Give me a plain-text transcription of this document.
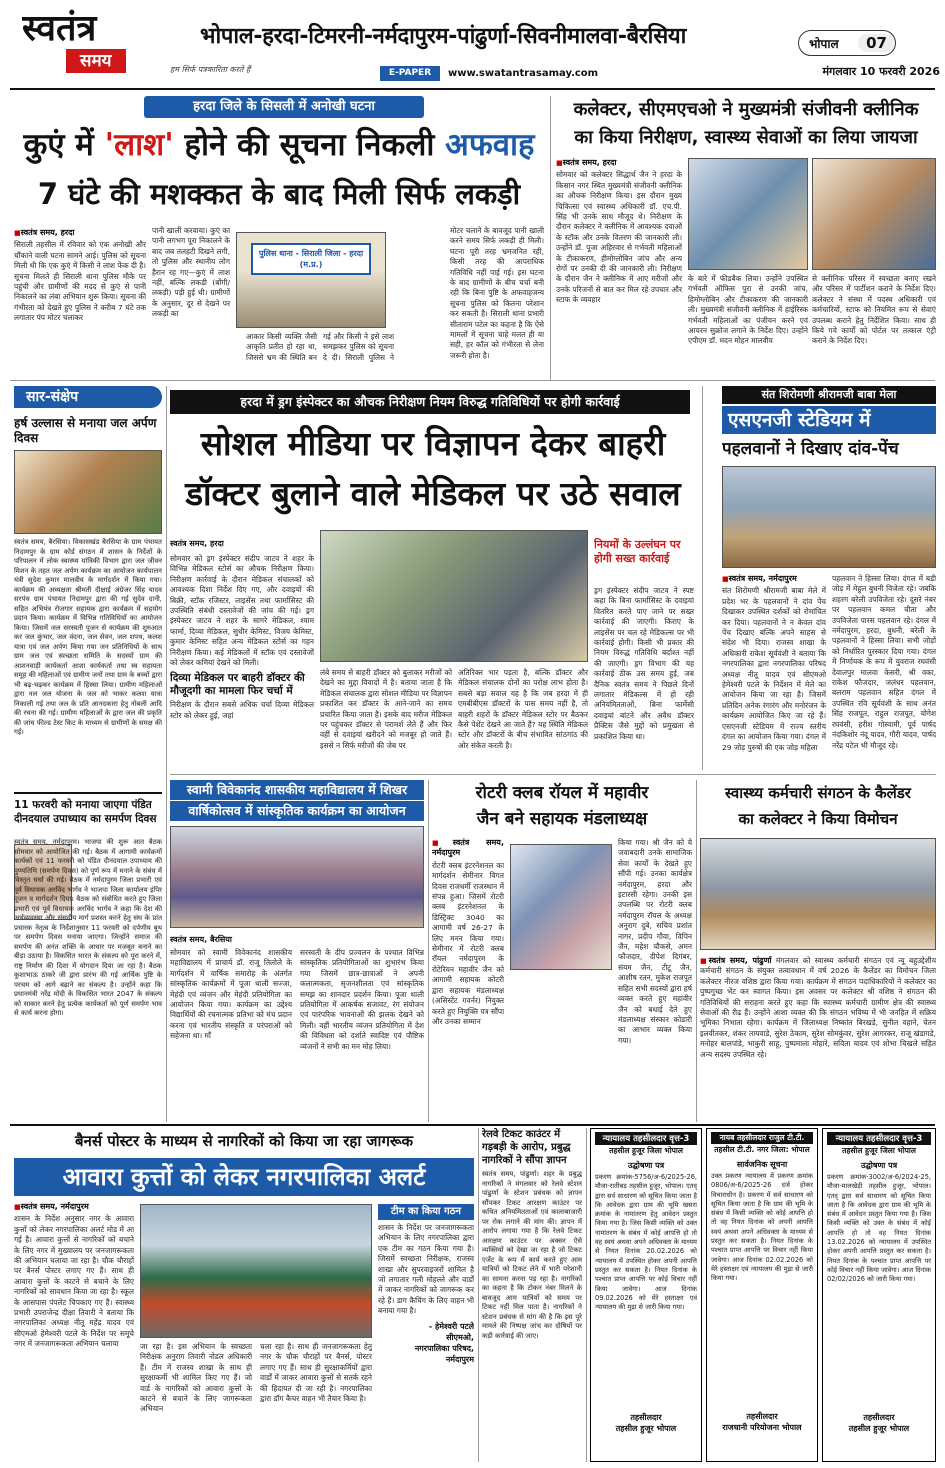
स्वतंत्र
समय	हम सिर्फ पत्रकारिता करते हैं
भोपाल-हरदा-टिमरनी-नर्मदापुरम-पांढुर्णा-सिवनीमालवा-बैरसिया
E-PAPER	www.swatantrasamay.com
भोपाल	07
मंगलवार 10 फरवरी 2026
हरदा जिले के सिसली में अनोखी घटना
कुएं में 'लाश' होने की सूचना निकली अफवाह
7 घंटे की मशक्कत के बाद मिली सिर्फ लकड़ी
■ स्वतंत्र समय, हरदा
सिराली तहसील में रविवार को एक अनोखी और चौंकाने वाली घटना सामने आई। पुलिस को सूचना मिली थी कि एक कुएं में किसी ने लाश फेंक दी है। सूचना मिलते ही सिराली थाना पुलिस मौके पर पहुंची और ग्रामीणों की मदद से कुएं से पानी निकालने का लंबा अभियान शुरू किया। सूचना की गंभीरता को देखते हुए पुलिस ने करीब 7 घंटे तक लगातार पंप मोटर चलाकर
पानी खाली करवाया। कुएं का पानी लगभग पूरा निकालने के बाद जब तलहटी दिखने लगी, तो पुलिस और स्थानीय लोग हैरान रह गए—कुएं में लाश नहीं, बल्कि लकड़ी (बोंगी/लकड़ी) पड़ी हुई थी। ग्रामीणों के अनुसार, दूर से देखने पर लकड़ी का
पुलिस थाना - सिराली जिला - हरदा (म.प्र.)
आकार किसी व्यक्ति जैसी आकृति प्रतीत हो रहा था, जिससे भ्रम की स्थिति बन गई और किसी ने इसे लाश समझकर पुलिस को सूचना दे दी। सिराली पुलिस ने
मोटर चलाने के बावजूद पानी खाली करने समय सिर्फ लकड़ी ही मिली। घटना पूरी तरह भ्रमजनित रही, किसी तरह की आपराधिक गतिविधि नहीं पाई गई। इस घटना के बाद ग्रामीणों के बीच चर्चा बनी रही कि बिना पुष्टि के अफवाहजन्य सूचना पुलिस को कितना परेशान कर सकती है। सिराली थाना प्रभारी सीताराम पटेल का कहना है कि ऐसे मामलों में सूचना चाहे मलत ही या सही, हर कॉल को गंभीरता से लेना जरूरी होता है।
कलेक्टर, सीएमएचओ ने मुख्यमंत्री संजीवनी क्लीनिक
का किया निरीक्षण, स्वास्थ्य सेवाओं का लिया जायजा
■ स्वतंत्र समय, हरदा
सोमवार को कलेक्टर सिद्धार्थ जैन ने हरदा के किसान नगर स्थित मुख्यमंत्री संजीवनी क्लीनिक का औचक निरीक्षण किया। इस दौरान मुख्य चिकित्सा एवं स्वास्थ्य अधिकारी डॉ. एच.पी. सिंह भी उनके साथ मौजूद थे। निरीक्षण के दौरान कलेक्टर ने क्लीनिक में आवश्यक दवाओं के स्टॉक और उनके वितरण की जानकारी ली। उन्होंने डॉ. पूजा अहिरवार से गर्भवती महिलाओं के टीकाकरण, हीमोग्लोबिन जांच और अन्य रोगों पर उनकी दी की जानकारी ली। निरीक्षण के दौरान जैन ने क्लीनिक में आए मरीजों और उनके परिजनों से बात कर मिल रहे उपचार और स्टाफ के व्यवहार
के बारे में फीडबैक लिया। उन्होंने उपस्थित गर्भवती ऑफिस पुरा से उनकी जांच, हिमोग्लोबिन और टीकाकरण की जानकारी ली। मुख्यमंत्री संजीवनी क्लीनिक में हाईरिस्क गर्भवती महिलाओं का पंजीयन करने एवं आयरन सुक्रोज लगाने के निर्देश दिए। उन्होंने एपीएम डॉ. मदन मोहन मालवीय
से क्लीनिक परिसर में स्वच्छता बनाए रखने और परिसर में पार्टीशन कराने के निर्देश दिए। कलेक्टर ने संस्था में पदस्थ अधिकारी एवं कर्मचारियों, स्टाफ को नियमित रूप से सेवाएं उपलब्ध कराने हेतु निर्देशित किया। साथ ही किये गये कार्यों को पोर्टल पर तत्काल एंट्री कराने के निर्देश दिए।
सार-संक्षेप
हर्ष उल्लास से मनाया जल अर्पण दिवस
स्वतंत्र समय, बैरसिया। विकासखंड बैरसिया के ग्राम पंचायत निदामपुर के ग्राम कोर्ड संगठन में शासन के निर्देशों के परिपालन में लोक स्वास्थ्य यांत्रिकी विभाग द्वारा जल जीवन मिशन के तहत जल अर्पण कार्यक्रम का आयोजन कार्यपालन यंत्री सुदेश कुमार मालवीय के मार्गदर्शन में किया गया। कार्यक्रम की अध्यक्षता श्रीमती दीक्षाई अंग्रेजर सिंह यादव सरपंच ग्राम पंचायत निदामपुर द्वारा की गई सुदेव दानी, सहित अभियंत्र रोजगार सहायक द्वारा कार्यक्रम में सहयोग प्रदान किया। कार्यक्रम में विभिन्न गतिविधियों का आयोजन किया। जिसमें जल सरस्वती पूजन से कार्यक्रम की शुरुआत कर जल कुंभार, जल वंदना, जल सेवन, जल शपथ, कलश यात्रा एवं जल अर्पण किया गया जन प्रतिनिधियों के साथ ग्राम जल एवं स्वच्छता समिति के सदस्यों ग्राम की आशनवाड़ी कार्यकर्ता आशा कार्यकर्ता तथा स्व सहायता समूह की महिलाओं एवं ग्रामीण जनों तथा ग्राम के बच्चों द्वारा भी बढ़-चढ़कर कार्यक्रम में हिस्सा लिया। ग्रामीण महिलाओं द्वारा नल जल योजना के जल को भाकर कलश यात्रा निकाली गई तथा जल के प्रति आनदकारा हेतु नोबली आदि की रचना की गई। ग्रामीण महिलाओं के द्वारा जल की प्रकृति की जांच फील्ड टेस्ट किट के माध्यम से ग्रामीणों के समक्ष की गई।
11 फरवरी को मनाया जाएगा पंडित दीनदयाल उपाध्याय का समर्पण दिवस
स्वतंत्र समय, नर्मदापुरम। भाजपा की शुरू आत बैठक सोमवार को आयोजित की गई। बैठक में आगामी कार्यक्रमों कार्यकों एवं 11 फरवरी को पंडित दीनदयाल उपाध्याय की पुण्यतिथि (समर्पण दिवस) को पूर्ण रूप में मनाने के संबंध में विस्तृत चर्चा की गई। बैठक में नर्मदापुरम जिला प्रभारी एवं पूर्व विधायक अरविंद भार्गव ने भाजपा जिला कार्यालय इंपिर पूजन व मार्गदर्शन दिया। बैठक को संबोधित करते हुए जिला प्रभारी एवं पूर्व विधायक अरविंद भार्गव ने कहा कि देश की अर्थव्यवस्था और संसदीय मार्ग प्रशस्त करने हेतु संघ के प्रांत प्रचारक नेतृत्व के निर्देशानुसार 11 फरवरी को दर्पणीय बूथ पर समर्पण दिवस मनाया जाएगा। जिन्होंने समाज की समर्पण की अनंत शक्ति के आधार पर मजबूत बनाने का बीड़ा उठाया है। विकसित भारत के संकल्प को पूरा करने में, राष्ट्र निर्माण की दिशा में योगदान दिया जा रहा है। बैठक कुशाभाऊ ठाकरे जी द्वारा प्रारंभ की गई आर्थिक पुष्टि के परचम को आगे बढ़ाने का संकल्प है। उन्होंने कहा कि प्रधानमंत्री नरेंद्र मोदी के विकसित भारत 2047 के संकल्प को साकार करने हेतु प्रत्येक कार्यकर्ता को पूर्ण समर्पण भाव से कार्य करना होगा।
हरदा में ड्रग इंस्पेक्टर का औचक निरीक्षण नियम विरुद्ध गतिविधियों पर होगी कार्रवाई
सोशल मीडिया पर विज्ञापन देकर बाहरी
डॉक्टर बुलाने वाले मेडिकल पर उठे सवाल
स्वतंत्र समय, हरदा
सोमवार को ड्रग इंस्पेक्टर संदीप जाटव ने शहर के विभिन्न मेडिकल स्टोर्स का औचक निरीक्षण किया। निरीक्षण कार्रवाई के दौरान मेडिकल संचालकों को आवश्यक दिशा निर्देश दिए गए, और दवाइयों की बिक्री, स्टॉक रजिस्टर, लाइसेंस तथा फार्मासिस्ट की उपस्थिति संबंधी दस्तावेजों की जांच की गई। ड्रग इंस्पेक्टर जाटव ने शहर के सागरे मेडिकल, श्याम फार्मा, दिव्या मेडिकल, सुधीर केमिस्ट, विजय केमिस्ट, कुमार केमिस्ट सहित अन्य मेडिकल स्टोर्स का गहन निरीक्षण किया। कई मेडिकलों में स्टॉक एवं दस्तावेजों को लेकर कमियां देखने को मिली।
दिव्या मेडिकल पर बाहरी डॉक्टर की मौजूदगी का मामला फिर चर्चा में
निरीक्षण के दौरान सबसे अधिक चर्चा दिव्या मेडिकल स्टोर को लेकर हुई, जहां
लंबे समय से बाहरी डॉक्टर को बुलाकर मरीजों को देखने का मुद्दा विवादों में है। बताया जाता है कि मेडिकल संचालक द्वारा सोशल मीडिया पर विज्ञापन प्रकाशित कर डॉक्टर के आने-जाने का समय प्रचारित किया जाता है। इसके बाद मरीज मेडिकल पर पहुंचकर डॉक्टर से परामर्श लेते हैं और फिर वहीं से दवाइयां खरीदने को मजबूर हो जाते हैं। इससे न सिर्फ मरीजों की जेब पर
अतिरिक्त भार पड़ता है, बल्कि डॉक्टर और मेडिकल संचालक दोनों का परोक्ष लाभ होता है। सबसे बड़ा सवाल यह है कि जब हरदा में ही एमबीबीएस डॉक्टरों के पास समय नहीं है, तो बाहरी शहरों के डॉक्टर मेडिकल स्टोर पर बैठकर कैसे पेशेंट देखने आ जाते हैं? यह स्थिति मेडिकल स्टोर और डॉक्टरों के बीच संभावित सांठगांठ की ओर संकेत करती है।
नियमों के उल्लंघन पर होगी सख्त कार्रवाई
ड्रग इंस्पेक्टर संदीप जाटव ने स्पष्ट कहा कि बिना फार्मासिस्ट के दवाइयां वितरित करते पाए जाने पर सख्त कार्रवाई की जाएगी। किराए के लाइसेंस पर चल रहे मेडिकल्स पर भी कार्रवाई होगी। किसी भी प्रकार की नियम विरुद्ध गतिविधि बर्दाश्त नहीं की जाएगी। ड्रग विभाग की यह कार्रवाई ठीक उस समय हुई, जब दैनिक स्वतंत्र समय ने पिछले दिनों लगातार मेडिकल्स में हो रही अनियमितताओं, बिना फार्मेसी दवाइयां बांटने और अवैध डॉक्टर प्रैक्टिस जैसे मुद्दों को प्रमुखता से प्रकाशित किया था।
संत शिरोमणी श्रीरामजी बाबा मेला
एसएनजी स्टेडियम में
पहलवानों ने दिखाए दांव-पेंच
■ स्वतंत्र समय, नर्मदापुरम
संत शिरोमणी श्रीरामजी बाबा मेले में प्रदेश भर के पहलवानों ने दांव पेंच दिखाकर उपस्थित दर्शकों को रोमांचित कर दिया। पहलवानों ने न केवल दांव पेंच दिखाए बल्कि अपने साहस से संदेश भी दिया। राजस्व शाखा के अधिकारी राकेश सूर्यवंशी ने बताया कि नगरपालिका द्वारा नगरपालिका परिषद अध्यक्ष नीतू यादव एवं सीएमओ हेमेश्वरी पटले के निर्देशन में मेले का आयोजन किया जा रहा है। जिसमें प्रतिदिन अनेक रंगारंग और मनोरंजन के कार्यक्रम आयोजित किए जा रहे हैं। एसएनजी स्टेडियम में राज्य स्तरीय दंगल का आयोजन किया गया। दंगल में 29 जोड़ पुरुषों की एक जोड़ महिला
पहलवान ने हिस्सा लिया। दंगल में बड़ी जोड़ में मेहुल बुधनी विजेता रहे। जबकि शहरग बरेली उपविजेता रहे। दूसरे नंबर पर पहलवान कमल चीता और उपविजेता पारस पहलवान रहे। दंगल में नर्मदापुरम, हरदा, बुधनी, बरेली के पहलवानों ने हिस्सा लिया। सभी जोड़ों को निर्धारित पुरस्कार दिया गया। दंगल में निर्णायक के रूप में युवराज रघवंसी देवालपुर मालवा केसरी, श्री वका, राकेश फौजदार, जलंधर पहलवान, बलराम पहलवान सहित दंगल में उपस्थित रवि सूर्यवंशी के साथ अनंत सिंह राजपूत, राहुल राजपूत, योगेश रघवंसी, हरीश गोस्वामी, पूर्व पार्षद नंदकिशोर नंदू यादव, गौरी यादव, पार्षद नरेंद्र पटेल भी मौजूद रहे।
स्वामी विवेकानंद शासकीय महाविद्यालय में शिखर
वार्षिकोत्सव में सांस्कृतिक कार्यक्रम का आयोजन
स्वतंत्र समय, बैरसिया
सोमवार को स्वामी विवेकानंद शासकीय महाविद्यालय में प्राचार्य डॉ. राजू तिलोले के मार्गदर्शन में वार्षिक समारोह के अंतर्गत सांस्कृतिक कार्यक्रमों में पूजा थाली सज्जा, मेहंदी एवं व्यंजन और मेहंदी प्रतियोगिता का आयोजन किया गया। कार्यक्रम का उद्देश्य विद्यार्थियों की रचनात्मक प्रतिभा को मंच प्रदान करना एवं भारतीय संस्कृति व परंपराओं को सहेजना था। माँ
सरस्वती के दीप प्रज्वलन के पश्चात विभिन्न सांस्कृतिक प्रतियोगिताओं का शुभारंभ किया गया जिसमें छात्र-छात्राओं ने अपनी कलात्मकता, सृजनशीलता एवं सांस्कृतिक समझ का शानदार प्रदर्शन किया। पूजा थाली प्रतियोगिता में आकर्षक सजावट, रंग संयोजन एवं पारंपरिक भावनाओं की झलक देखने को मिली। वहीं भारतीय व्यंजन प्रतियोगिता में देश की विविधता को दर्शाते स्वादिष्ट एवं पौष्टिक व्यंजनों ने सभी का मन मोह लिया।
रोटरी क्लब रॉयल में महावीर
जैन बने सहायक मंडलाध्यक्ष
■ स्वतंत्र समय, नर्मदापुरम
रोटरी क्लब इंटरनेशनल का मार्गदर्शन सेमीनार विगत दिवस राजधर्मी राजस्थान में संपन्न हुआ। जिसमें रोटरी क्लब इंटरनेशनल के डिस्ट्रिक्ट 3040 का आगामी वर्ष 26-27 के लिए मनन किया गया। सेमीनार में रोटरी क्लब रॉयल नर्मदापुरम के रोटेरियन महावीर जैन को आगामी सहायक कोटरी द्वारा सहायक मंडलाध्यक्ष (असिस्टेंट गवर्नर) नियुक्त करते हुए नियुक्ति पत्र सौंपा और उनका सम्मान
किया गया। श्री जैन को ये जवाबदारी उनके सामाजिक सेवा कार्यों के देखते हुए सौंपी गई। उनका कार्यक्षेत्र नर्मदापुरम, हरदा और इटारसी रहेगा। उनकी इस उपलब्धि पर रोटरी क्लब नर्मदापुरम रॉयल के अध्यक्ष अनुराग दुबे, सचिव प्रशांत नागर, प्रदीप गौवा, विपिन जैन, महेश चौकसे, अमन फौजदार, दीपेश दिगंबर, संयम जैन, टीटू जैन, आशीष रतन, मुकेश राजपूत सहित सभी सदस्यों द्वारा हर्ष व्यक्त करते हुए महावीर जैन को बधाई देते हुए मंडलाध्यक्ष संस्कार कोडारी का आभार व्यक्त किया गया।
स्वास्थ्य कर्मचारी संगठन के कैलेंडर
का कलेक्टर ने किया विमोचन
■ स्वतंत्र समय, पांढुर्णा मंगलवार को स्वास्थ्य कर्मचारी संगठन एवं न्यू बहुउद्देशीय कर्मचारी संगठन के संयुक्त तत्वावधान में वर्ष 2026 के कैलेंडर का विमोचन जिला कलेक्टर नीरज वशिष्ठ द्वारा किया गया। कार्यक्रम में संगठन पदाधिकारियों ने कलेक्टर का पुष्पगुच्छ भेंट कर स्वागत किया। इस अवसर पर कलेक्टर श्री वशिष्ठ ने संगठन की गतिविधियों की सराहना करते हुए कहा कि स्वास्थ्य कर्मचारी ग्रामीण क्षेत्र की स्वास्थ्य सेवाओं की रीढ़ हैं। उन्होंने आशा व्यक्त की कि संगठन भविष्य में भी जनहित में सक्रिय भूमिका निभाता रहेगा। कार्यक्रम में जिलाध्यक्ष निष्कांत बिरखड़े, सुनील वहाने, चेतन इलवीतकर, शंकर तायवाडे, सुरेश ठेकाम, सुरेश सोमकुंवर, सुरेश आगरकर, राजू खंडागडे, मनोहर बालपांडे, भाकुरी साहू, पुष्पमाला मोहारे, सविता यादव एवं शोभा चिखले सहित अन्य सदस्य उपस्थित रहे।
बैनर्स पोस्टर के माध्यम से नागरिकों को किया जा रहा जागरूक
आवारा कुत्तों को लेकर नगरपालिका अलर्ट
■ स्वतंत्र समय, नर्मदापुरम
शासन के निर्देश अनुसार नगर के आवारा कुत्तों को लेकर नगरपालिका अलर्ट मोड में आ गई है। आवारा कुत्तों से नागरिकों को बचाने के लिए नगर में मुख्यालय पर जनजागरूकता की अभियान चलाया जा रहा है। चौक चौराहों पर बैनर्स पोस्टर लगाए गए हैं। साथ ही आवारा कुत्तों के काटने से बचाने के लिए नागरिकों को सावधान किया जा रहा है। स्कूल के आसपास पंपलेट चिपकाए गए हैं। स्वास्थ्य प्रभारी उपराजेन्द्र दीक्षा तिवारी ने बताया कि नगरपालिका अध्यक्ष नीतू महेंद्र यादव एवं सीएमओ हेमेश्वरी पटले के निर्देश पर समूचे नगर में जनजागरूकता अभियान चलाया	जा रहा है। इस अभियान के स्वच्छता निरीक्षक अनुराग तिवारी नोडल अधिकारी हैं। टीम में राजस्व शाखा के साथ ही सुरक्षाकर्मी भी शामिल किए गए हैं। जो वार्ड के नागरिकों को आवारा कुत्तों के काटने से बचाने के लिए जागरूकता अभियान
चला रहा है। साथ ही जनजागरूकता हेतु नगर के चौक चौराहों पर बैनर्स, पोस्टर लगाए गए हैं। साथ ही सुरक्षाकर्मियों द्वारा वार्डों में जाकर आवारा कुत्तों से सतर्क रहने की हिदायत दी जा रही है। नगरपालिका द्वारा डॉग कैचर वाहन भी तैयार किया है।
टीम का किया गठन
शासन के निर्देश पर जनजागरूकता अभियान के लिए नगरपालिका द्वारा एक टीम का गठन किया गया है। जिसमें स्वच्छता निरीक्षक, राजस्व शाखा और सुपरवाइजरों शामिल है जो लगातार गली मोहल्ले और वार्डों में जाकर नागरिकों को जागरूक कर रहे हैं। डाग कैचिंग के लिए वाहन भी बनाया गया है।
- हेमेश्वरी पटले
सीएमओ,
नगरपालिका परिषद,
नर्मदापुरम
रेलवे टिकट काउंटर में गड़बड़ी के आरोप, प्रबुद्ध नागरिकों ने सौंपा ज्ञापन
स्वतंत्र समय, पांढुर्णा। शहर के प्रबुद्ध नागरिकों ने मंगलवार को रेलवे स्टेशन पांढुर्णा के स्टेशन प्रबंधक को ज्ञापन सौंपकर टिकट आरक्षण काउंटर पर कथित अनियमितताओं एवं कालाबाजारी पर रोक लगाने की मांग की। ज्ञापन में आरोप लगाया गया है कि रेलवे टिकट आरक्षण काउंटर पर अक्सर ऐसे व्यक्तियों को देखा जा रहा है जो टिकट एजेंट के रूप में कार्य करते हुए आम यात्रियों को टिकट लेने में भारी परेशानी का सामना करना पड़ रहा है। नागरिकों का कहना है कि टोकन नंबर मिलने के बावजूद आम यात्रियों को समय पर टिकट नहीं मिल पाता है। नागरिकों ने स्टेशन प्रबंधक से मांग की है कि इस पूरे मामले की निष्पक्ष जांच कर दोषियों पर कड़ी कार्रवाई की जाए।
न्यायालय तहसीलदार वृत्त-3
तहसील हुजूर जिला भोपाल
उद्घोषणा पत्र
प्रकरण क्रमांक-5756/अ-6/2025-26, मौजा-रातीबड़ तहसील हुजूर, भोपाल। एतद् द्वारा सर्व साधारण को सूचित किया जाता है कि आवेदक द्वारा ग्राम की भूमि खसरा क्रमांक के नामांतरण हेतु आवेदन प्रस्तुत किया गया है। जिस किसी व्यक्ति को उक्त नामांतरण के संबंध में कोई आपत्ति हो तो वह स्वयं अथवा अपने अधिवक्ता के माध्यम से नियत दिनांक 20.02.2026 को न्यायालय में उपस्थित होकर अपनी आपत्ति प्रस्तुत कर सकता है। नियत दिनांक के पश्चात प्राप्त आपत्ति पर कोई विचार नहीं किया जावेगा। आज दिनांक 09.02.2026 को मेरे हस्ताक्षर एवं न्यायालय की मुद्रा से जारी किया गया।
तहसीलदार
तहसील हुजूर भोपाल
नायब तहसीलदार राजुल टी.टी.
तहसील टी.टी. नगर जिला: भोपाल
सार्वजनिक सूचना
उक्त प्रकरण न्यायालय में प्रकरण क्रमांक 0806/अ-6/2025-26 दर्ज होकर विचाराधीन है। प्रकरण में सर्व साधारण को सूचित किया जाता है कि ग्राम की भूमि के संबंध में किसी व्यक्ति को कोई आपत्ति हो तो वह नियत दिनांक को अपनी आपत्ति स्वयं अथवा अपने अधिवक्ता के माध्यम से प्रस्तुत कर सकता है। नियत दिनांक के पश्चात प्राप्त आपत्ति पर विचार नहीं किया जावेगा। आज दिनांक 02.02.2026 को मेरे हस्ताक्षर एवं न्यायालय की मुद्रा से जारी किया गया।
तहसीलदार
राजधानी परियोजना भोपाल
न्यायालय तहसीलदार वृत्त-3
तहसील हुजूर जिला भोपाल
उद्घोषणा पत्र
प्रकरण क्रमांक-3002/अ-6/2024-25, मौजा-मालखेड़ी तहसील हुजूर, भोपाल। एतद् द्वारा सर्व साधारण को सूचित किया जाता है कि आवेदक द्वारा ग्राम की भूमि के संबंध में आवेदन प्रस्तुत किया गया है। जिस किसी व्यक्ति को उक्त के संबंध में कोई आपत्ति हो तो वह नियत दिनांक 13.02.2026 को न्यायालय में उपस्थित होकर अपनी आपत्ति प्रस्तुत कर सकता है। नियत दिनांक के पश्चात प्राप्त आपत्ति पर कोई विचार नहीं किया जावेगा। आज दिनांक 02/02/2026 को जारी किया गया।
तहसीलदार
तहसील हुजूर भोपाल
